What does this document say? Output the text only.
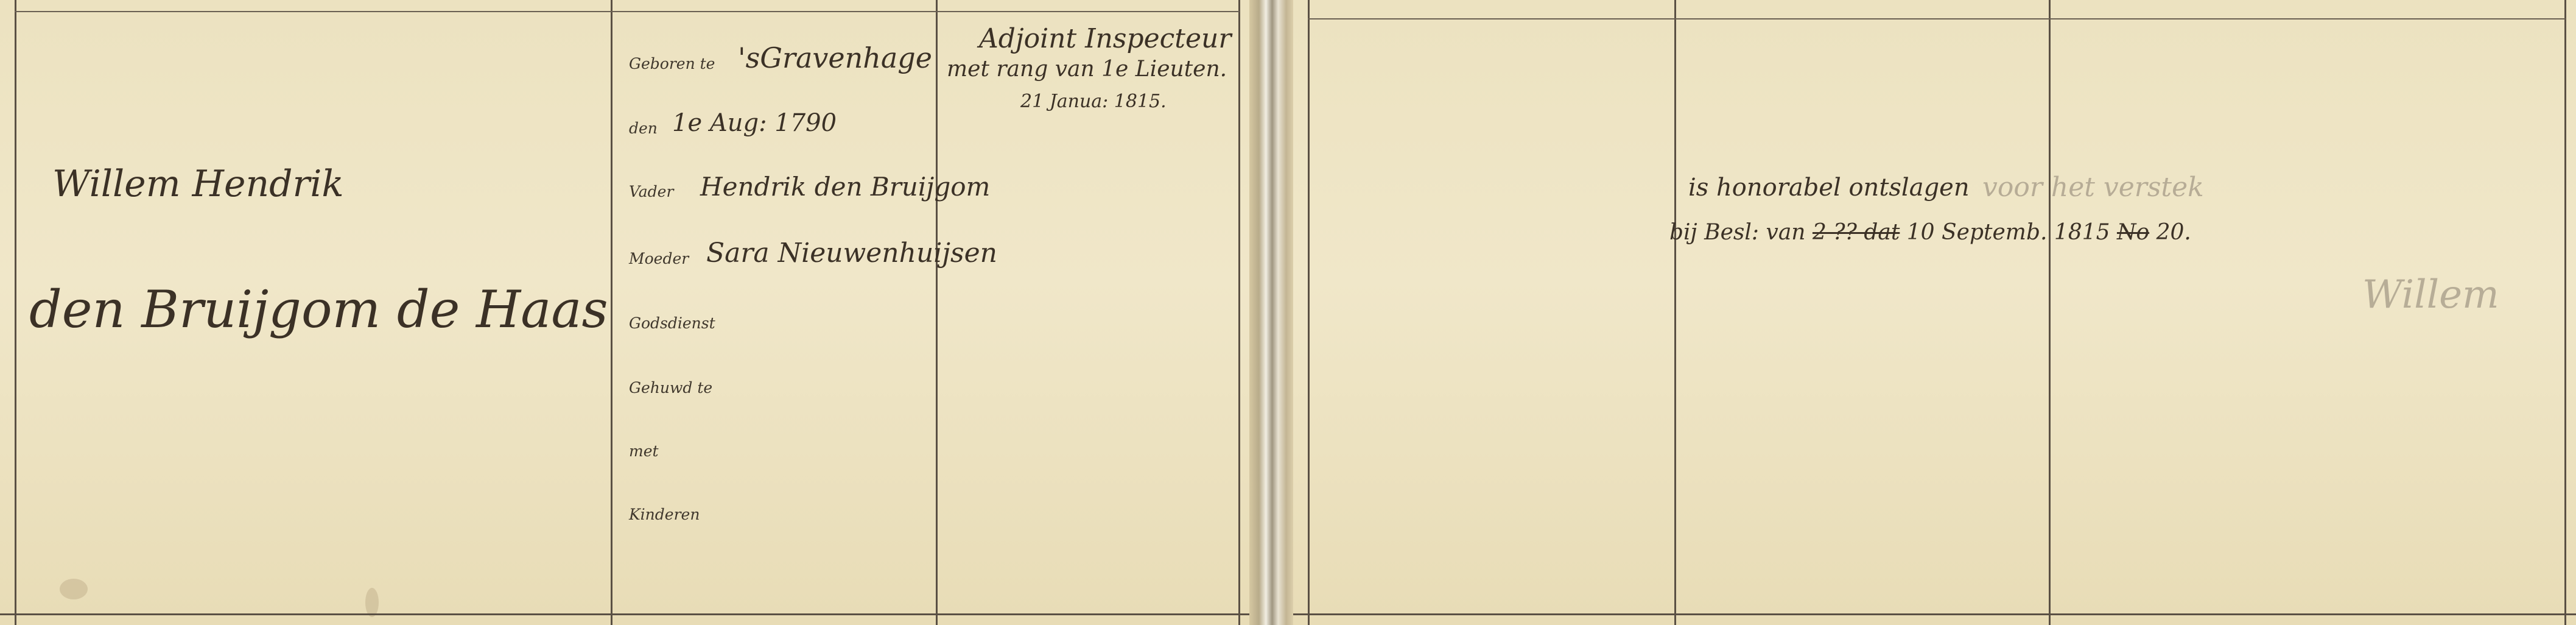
Willem Hendrik
den Bruijgom de Haas
Geboren te
den
Vader
Moeder
Godsdienst
Gehuwd te
met
Kinderen
'sGravenhage
1e Aug: 1790
Hendrik den Bruijgom
Sara Nieuwenhuijsen
Adjoint Inspecteur
met rang van 1e Lieuten.
21 Janua: 1815.
is honorabel ontslagen voor het verstek
bij Besl: van 2 ?? dat 10 Septemb. 1815 No 20.
Willem
